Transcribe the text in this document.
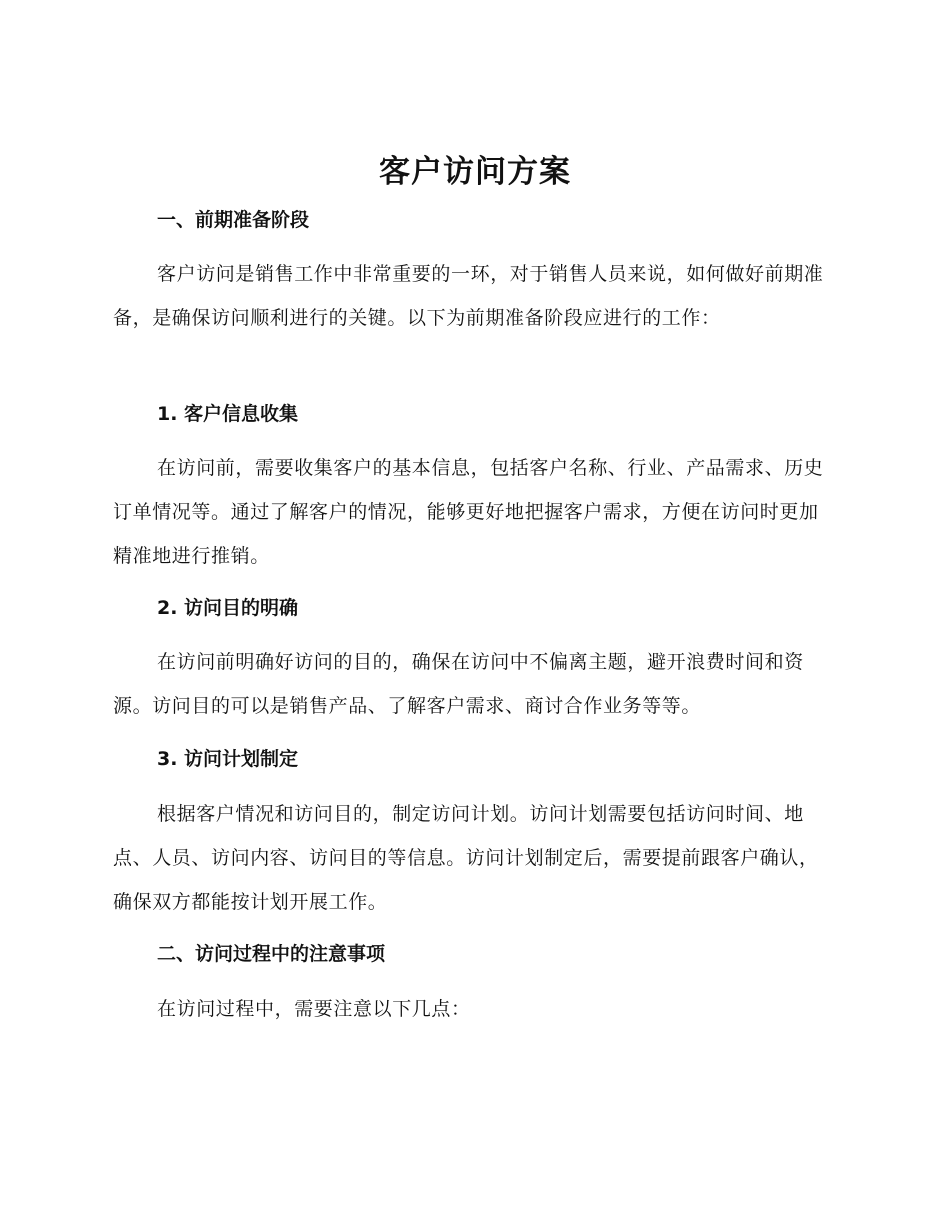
客户访问方案
一、前期准备阶段

客户访问是销售工作中非常重要的一环，对于销售人员来说，如何做好前期准备，是确保访问顺利进行的关键。以下为前期准备阶段应进行的工作：

1. 客户信息收集

在访问前，需要收集客户的基本信息，包括客户名称、行业、产品需求、历史订单情况等。通过了解客户的情况，能够更好地把握客户需求，方便在访问时更加精准地进行推销。

2. 访问目的明确

在访问前明确好访问的目的，确保在访问中不偏离主题，避开浪费时间和资源。访问目的可以是销售产品、了解客户需求、商讨合作业务等等。

3. 访问计划制定

根据客户情况和访问目的，制定访问计划。访问计划需要包括访问时间、地点、人员、访问内容、访问目的等信息。访问计划制定后，需要提前跟客户确认，确保双方都能按计划开展工作。

二、访问过程中的注意事项

在访问过程中，需要注意以下几点：
